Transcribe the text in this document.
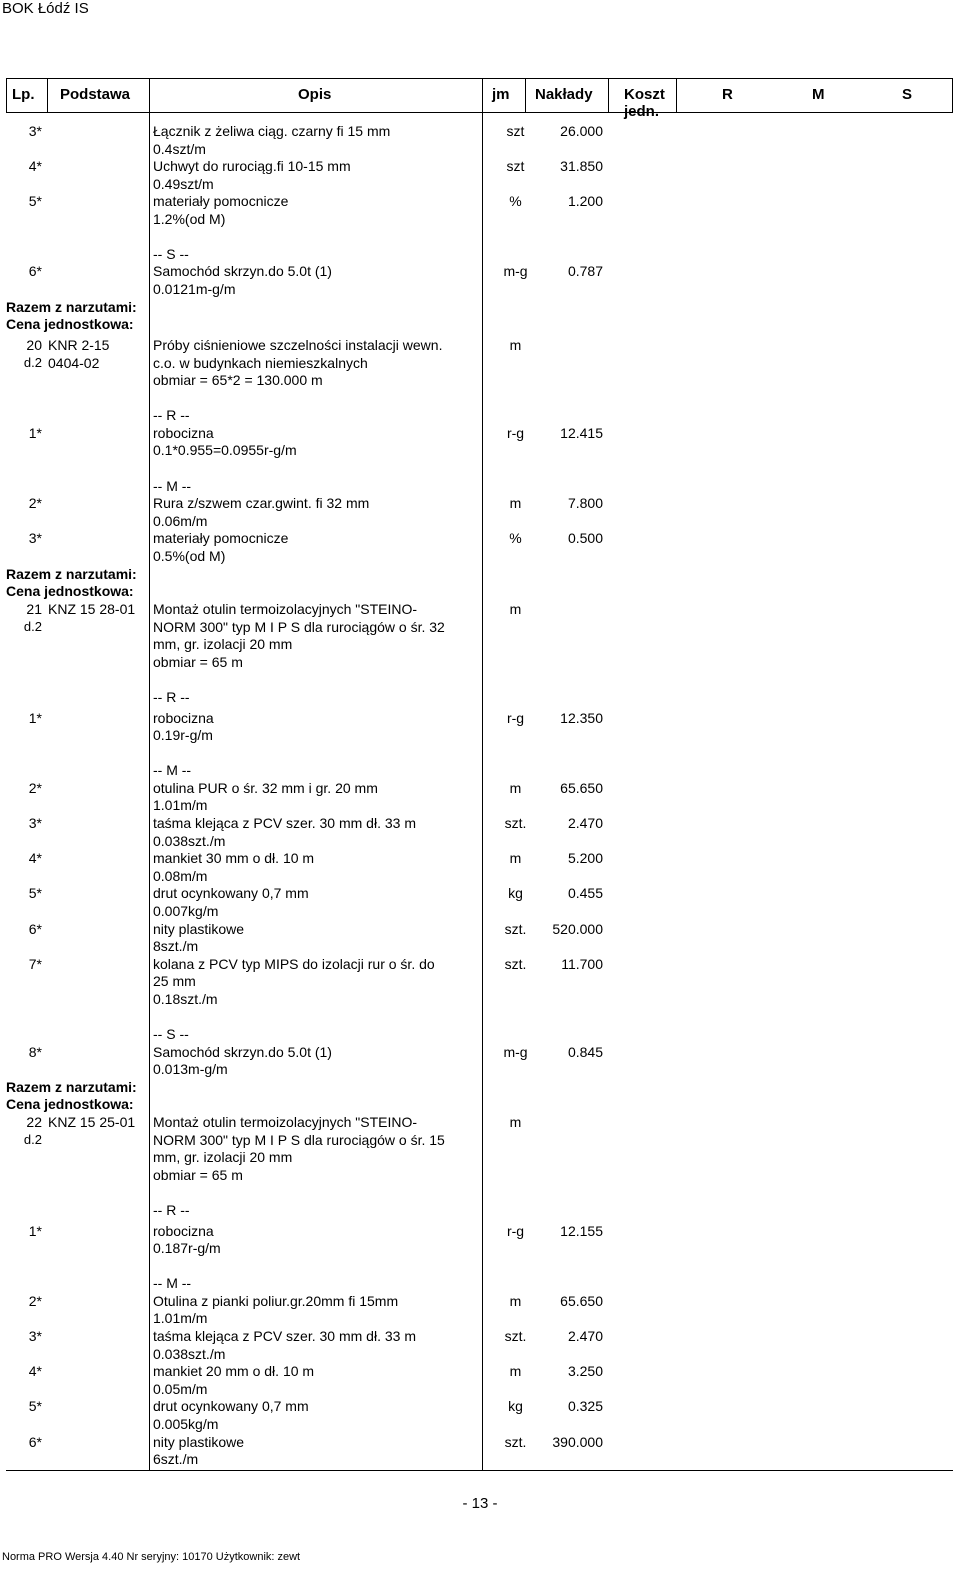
BOK Łódź IS
Lp. Podstawa	Opis	jm Nakłady Koszt
jedn.
R	M	S
3*	Łącznik z żeliwa ciąg. czarny fi 15 mm	szt	26.000
0.4szt/m
4*	Uchwyt do rurociąg.fi 10-15 mm	szt	31.850
0.49szt/m
5*	materiały pomocnicze	%	1.200
1.2%(od M)
-- S --
6*	Samochód skrzyn.do 5.0t (1)	m-g	0.787
0.0121m-g/m
Razem z narzutami:
Cena jednostkowa:
20 KNR 2-15	Próby ciśnieniowe szczelności instalacji wewn.	m
d.2 0404-02	c.o. w budynkach niemieszkalnych
obmiar = 65*2 = 130.000 m
-- R --
1*	robocizna	r-g	12.415
0.1*0.955=0.0955r-g/m
-- M --
2*	Rura z/szwem czar.gwint. fi 32 mm	m	7.800
0.06m/m
3*	materiały pomocnicze	%	0.500
0.5%(od M)
Razem z narzutami:
Cena jednostkowa:
21 KNZ 15 28-01 Montaż otulin termoizolacyjnych "STEINO-	m
d.2	NORM 300" typ M I P S dla rurociągów o śr. 32
mm, gr. izolacji 20 mm
obmiar = 65 m
-- R --
1*	robocizna	r-g	12.350
0.19r-g/m
-- M --
2*	otulina PUR o śr. 32 mm i gr. 20 mm	m	65.650
1.01m/m
3*	taśma klejąca z PCV szer. 30 mm dł. 33 m	szt.	2.470
0.038szt./m
4*	mankiet 30 mm o dł. 10 m	m	5.200
0.08m/m
5*	drut ocynkowany 0,7 mm	kg	0.455
0.007kg/m
6*	nity plastikowe	szt.	520.000
8szt./m
7*	kolana z PCV typ MIPS do izolacji rur o śr. do	szt.	11.700
25 mm
0.18szt./m
-- S --
8*	Samochód skrzyn.do 5.0t (1)	m-g	0.845
0.013m-g/m
Razem z narzutami:
Cena jednostkowa:
22 KNZ 15 25-01 Montaż otulin termoizolacyjnych "STEINO-	m
d.2	NORM 300" typ M I P S dla rurociągów o śr. 15
mm, gr. izolacji 20 mm
obmiar = 65 m
-- R --
1*	robocizna	r-g	12.155
0.187r-g/m
-- M --
2*	Otulina z pianki poliur.gr.20mm fi 15mm	m	65.650
1.01m/m
3*	taśma klejąca z PCV szer. 30 mm dł. 33 m	szt.	2.470
0.038szt./m
4*	mankiet 20 mm o dł. 10 m	m	3.250
0.05m/m
5*	drut ocynkowany 0,7 mm	kg	0.325
0.005kg/m
6*	nity plastikowe	szt.	390.000
6szt./m
- 13 -
Norma PRO Wersja 4.40 Nr seryjny: 10170 Użytkownik: zewt
